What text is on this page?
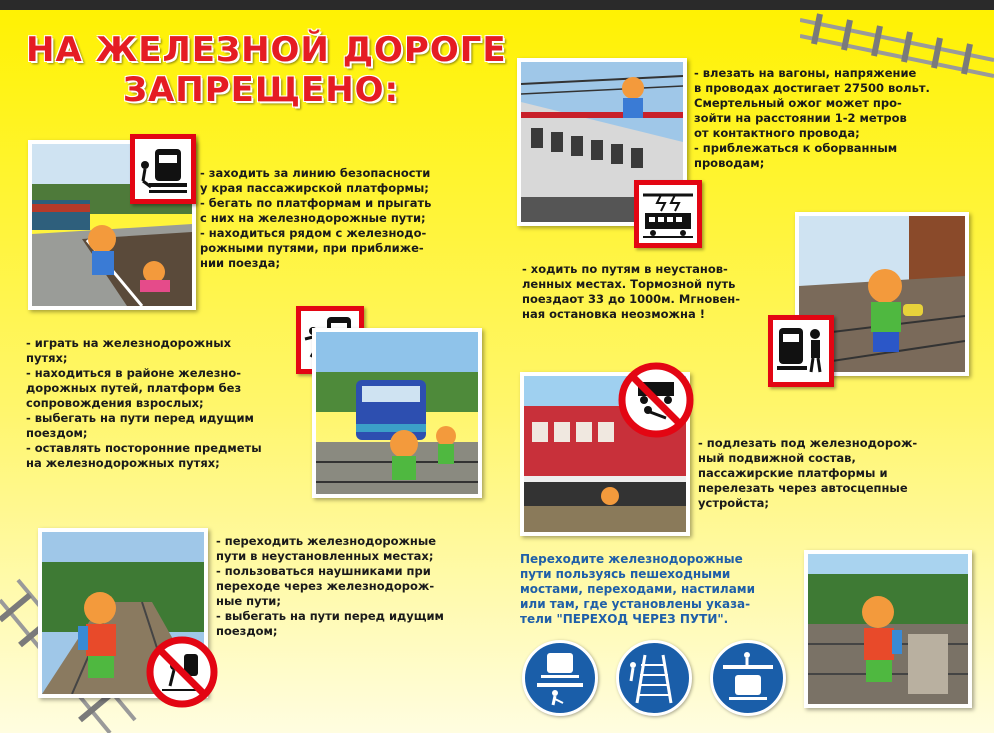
НА ЖЕЛЕЗНОЙ ДОРОГЕ
ЗАПРЕЩЕНО:

- заходить за линию безопасности

у края пассажирской платформы;

- бегать по платформам и прыгать

с них на железнодорожные пути;

- находиться рядом с железнодо-

рожными путями, при приближе-

нии поезда;

- влезать на вагоны, напряжение

в проводах достигает 27500 вольт.

Смертельный ожог может про-

зойти на расстоянии 1-2 метров

от контактного провода;

- приблежаться к оборванным

проводам;

- ходить по путям в неустанов-

ленных местах. Тормозной путь

поездаот 33 до 1000м. Мгновен-

ная остановка неозможна !

- играть на железнодорожных

путях;

- находиться в районе железно-

дорожных путей, платформ без

сопровождения взрослых;

- выбегать на пути перед идущим

поездом;

- оставлять посторонние предметы

на железнодорожных путях;

- подлезать под железнодорож-

ный подвижной состав,

пассажирские платформы и

перелезать через автосцепные

устройста;

- переходить железнодорожные

пути в неустановленных местах;

- пользоваться наушниками при

переходе через железнодорож-

ные пути;

- выбегать на пути перед идущим

поездом;

Переходите железнодорожные

пути пользуясь пешеходными

мостами, переходами, настилами

или там, где установлены указа-

тели "ПЕРЕХОД ЧЕРЕЗ ПУТИ".
